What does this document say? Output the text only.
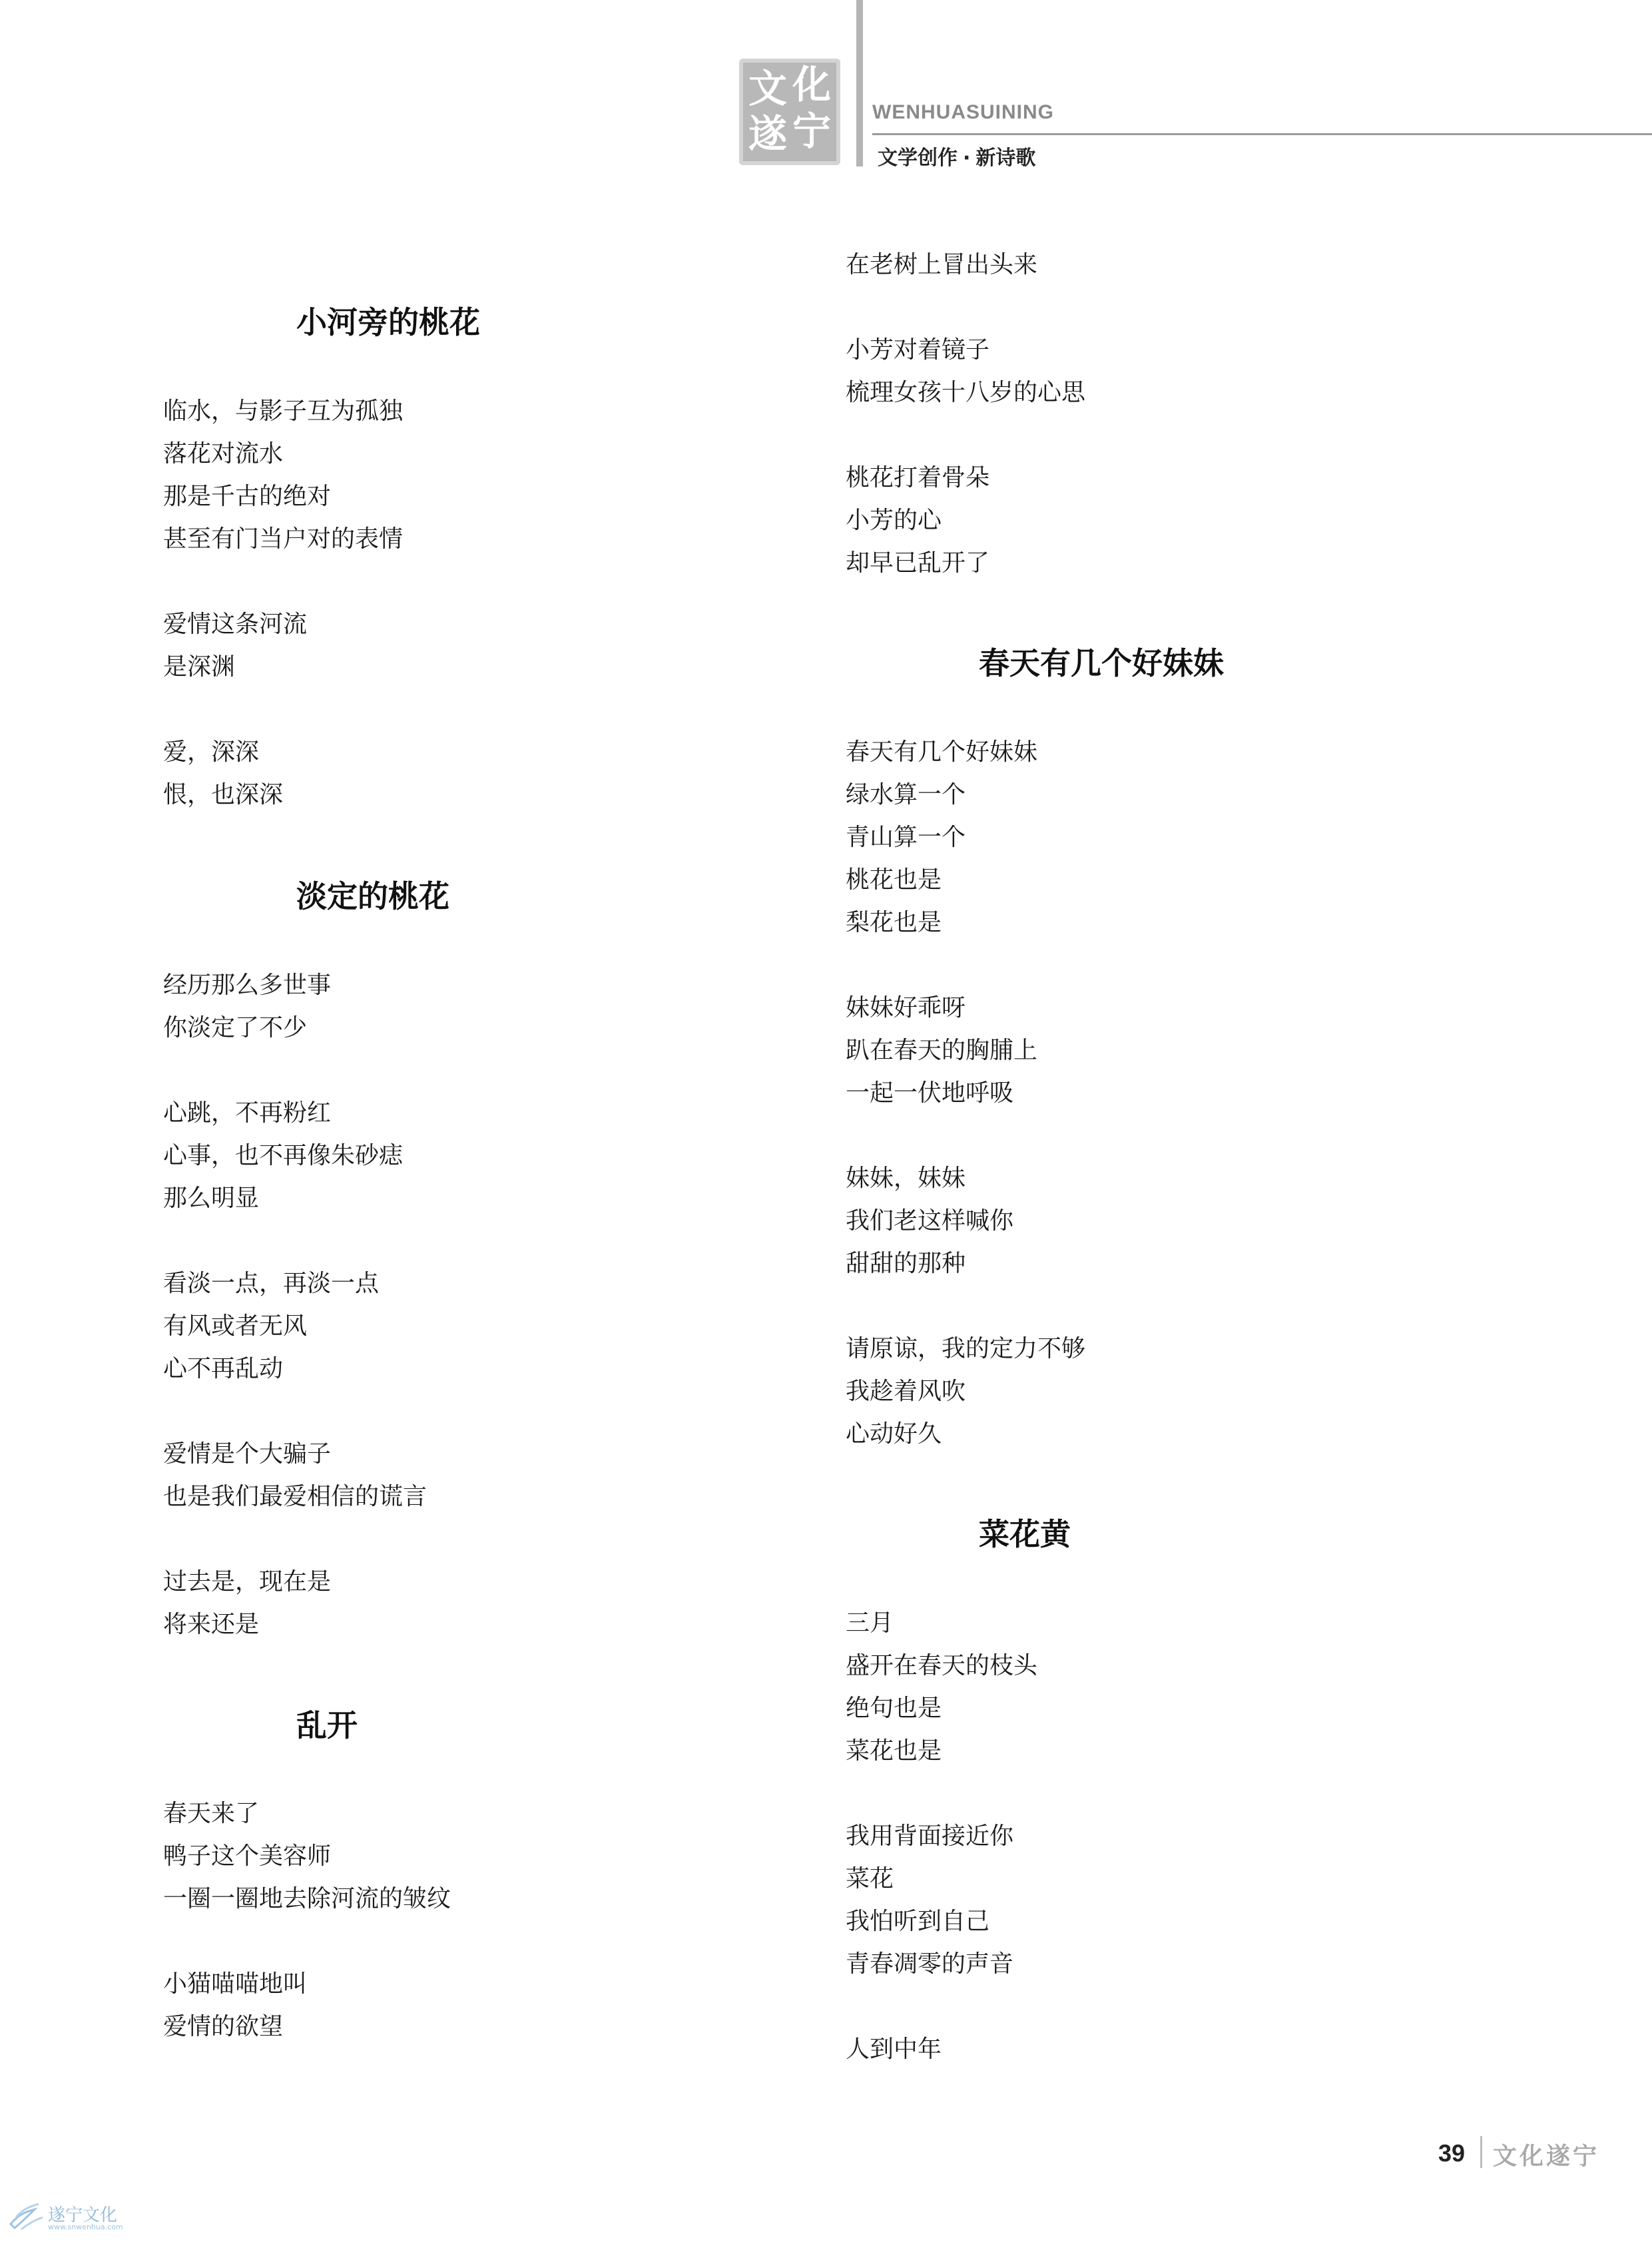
文 化
遂 宁 WENHUASUINING
文学创作 · 新诗歌
小河旁的桃花
临水，与影子互为孤独
落花对流水
那是千古的绝对
甚至有门当户对的表情
爱情这条河流
是深渊
爱，深深
恨，也深深
淡定的桃花
经历那么多世事
你淡定了不少
心跳，不再粉红
心事，也不再像朱砂痣
那么明显
看淡一点，再淡一点
有风或者无风
心不再乱动
爱情是个大骗子
也是我们最爱相信的谎言
过去是，现在是
将来还是
乱开
春天来了
鸭子这个美容师
一圈一圈地去除河流的皱纹
小猫喵喵地叫
爱情的欲望
在老树上冒出头来
小芳对着镜子
梳理女孩十八岁的心思
桃花打着骨朵
小芳的心
却早已乱开了
春天有几个好妹妹
春天有几个好妹妹
绿水算一个
青山算一个
桃花也是
梨花也是
妹妹好乖呀
趴在春天的胸脯上
一起一伏地呼吸
妹妹，妹妹
我们老这样喊你
甜甜的那种
请原谅，我的定力不够
我趁着风吹
心动好久
菜花黄
三月
盛开在春天的枝头
绝句也是
菜花也是
我用背面接近你
菜花
我怕听到自己
青春凋零的声音
人到中年
39 文化遂宁
遂宁文化
www.snwenhua.com
